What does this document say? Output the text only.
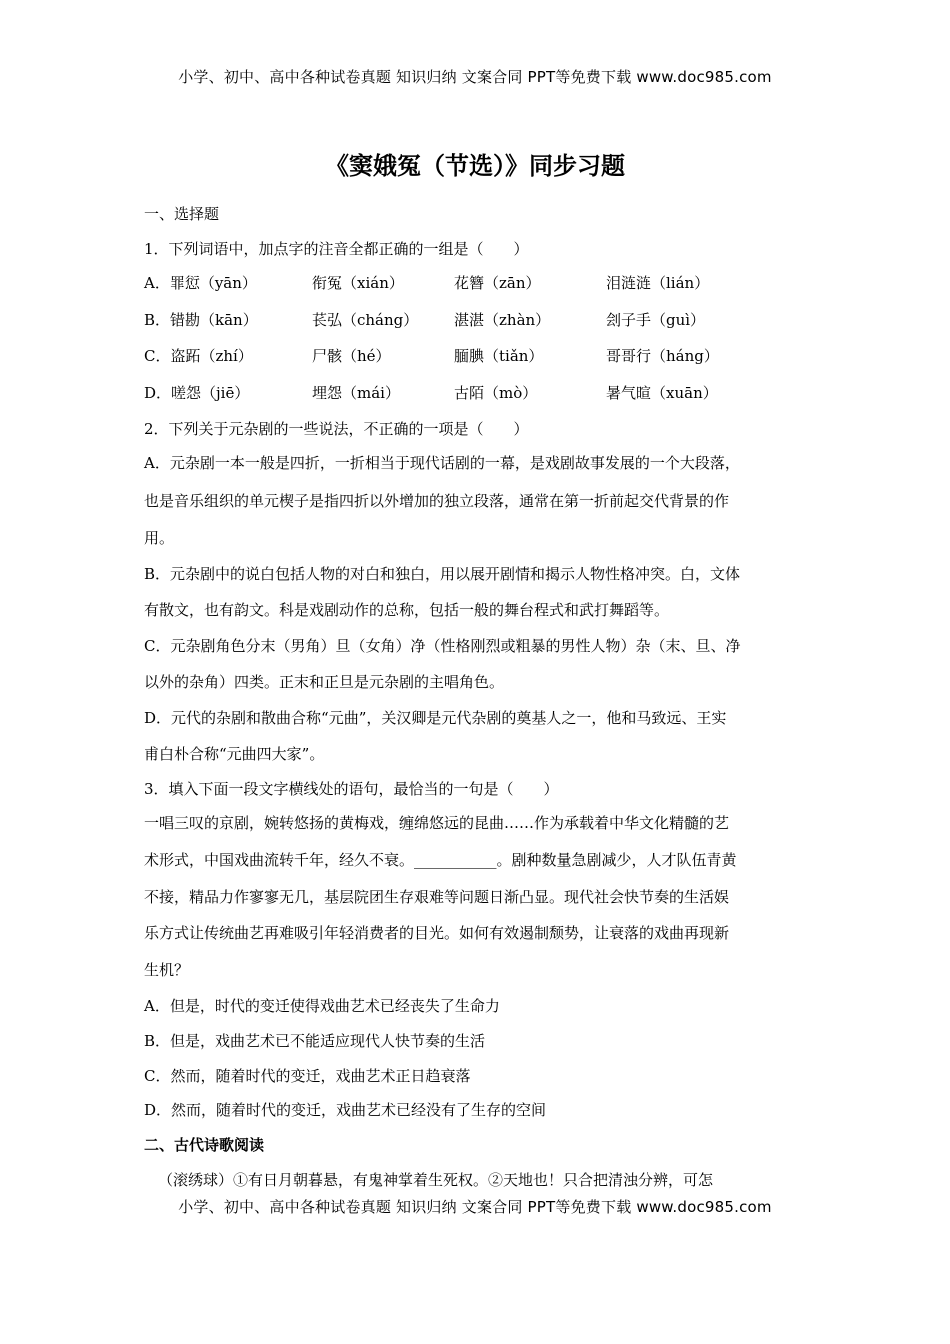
小学、初中、高中各种试卷真题 知识归纳 文案合同 PPT等免费下载 www.doc985.com
《窦娥冤（节选）》同步习题
一、选择题
1．下列词语中，加点字的注音全都正确的一组是（　　）
A．罪愆（yān）	衔冤（xián）	花簪（zān）	泪涟涟（lián）
B．错勘（kān）	苌弘（cháng） 湛湛（zhàn）	刽子手（guì）
C．盗跖（zhí）	尸骸（hé）	腼腆（tiǎn）	哥哥行（háng）
D．嗟怨（jiē）	埋怨（mái）	古陌（mò）	暑气暄（xuān）
2．下列关于元杂剧的一些说法，不正确的一项是（　　）
A．元杂剧一本一般是四折，一折相当于现代话剧的一幕，是戏剧故事发展的一个大段落，
也是音乐组织的单元楔子是指四折以外增加的独立段落，通常在第一折前起交代背景的作
用。
B．元杂剧中的说白包括人物的对白和独白，用以展开剧情和揭示人物性格冲突。白，文体
有散文，也有韵文。科是戏剧动作的总称，包括一般的舞台程式和武打舞蹈等。
C．元杂剧角色分末（男角）旦（女角）净（性格刚烈或粗暴的男性人物）杂（末、旦、净
以外的杂角）四类。正末和正旦是元杂剧的主唱角色。
D．元代的杂剧和散曲合称“元曲”，关汉卿是元代杂剧的奠基人之一，他和马致远、王实
甫白朴合称“元曲四大家”。
3．填入下面一段文字横线处的语句，最恰当的一句是（　　）
一唱三叹的京剧，婉转悠扬的黄梅戏，缠绵悠远的昆曲……作为承载着中华文化精髓的艺
术形式，中国戏曲流转千年，经久不衰。___________。剧种数量急剧减少，人才队伍青黄
不接，精品力作寥寥无几，基层院团生存艰难等问题日渐凸显。现代社会快节奏的生活娱
乐方式让传统曲艺再难吸引年轻消费者的目光。如何有效遏制颓势，让衰落的戏曲再现新
生机？
A．但是，时代的变迁使得戏曲艺术已经丧失了生命力
B．但是，戏曲艺术已不能适应现代人快节奏的生活
C．然而，随着时代的变迁，戏曲艺术正日趋衰落
D．然而，随着时代的变迁，戏曲艺术已经没有了生存的空间
二、古代诗歌阅读
（滚绣球）①有日月朝暮悬，有鬼神掌着生死权。②天地也！只合把清浊分辨，可怎
小学、初中、高中各种试卷真题 知识归纳 文案合同 PPT等免费下载 www.doc985.com
